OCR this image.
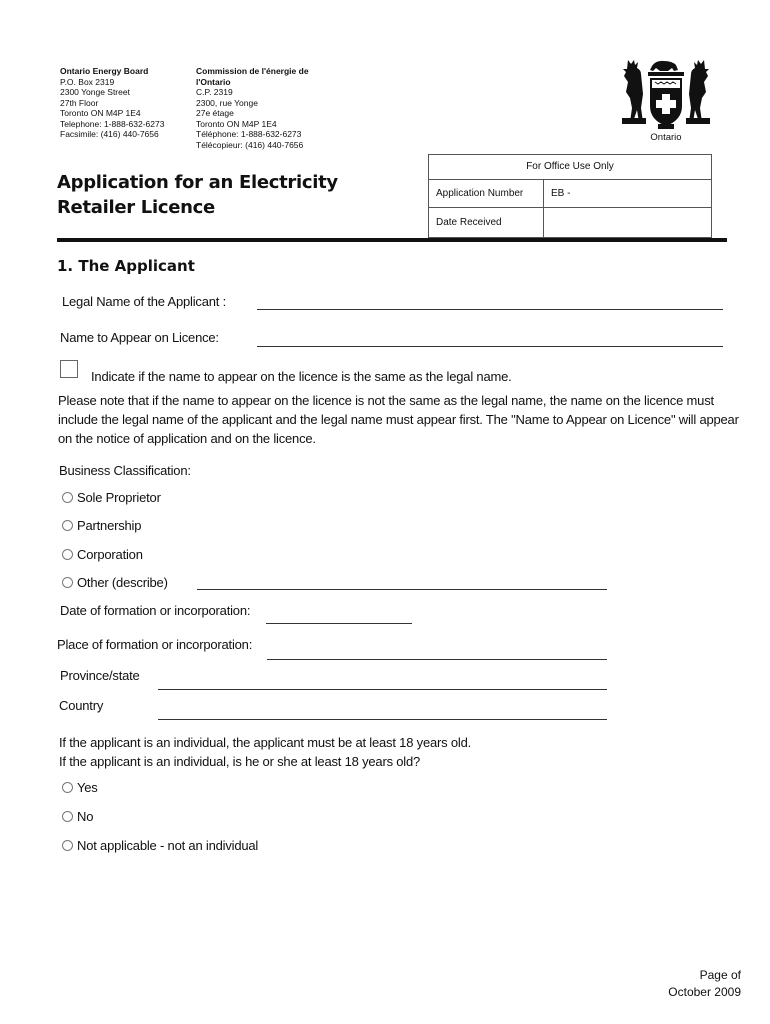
Ontario Energy Board
P.O. Box 2319
2300 Yonge Street
27th Floor
Toronto ON M4P 1E4
Telephone: 1-888-632-6273
Facsimile: (416) 440-7656
Commission de l'énergie de l'Ontario
C.P. 2319
2300, rue Yonge
27e étage
Toronto ON M4P 1E4
Téléphone: 1-888-632-6273
Télécopieur: (416) 440-7656
Ontario
Application for an Electricity Retailer Licence
For Office Use Only
Application Number	EB -
Date Received
1. The Applicant
Legal Name of the Applicant :
Name to Appear on Licence:
Indicate if the name to appear on the licence is the same as the legal name.
Please note that if the name to appear on the licence is not the same as the legal name, the name on the licence must include the legal name of the applicant and the legal name must appear first. The "Name to Appear on Licence" will appear on the notice of application and on the licence.
Business Classification:
Sole Proprietor
Partnership
Corporation
Other (describe)
Date of formation or incorporation:
Place of formation or incorporation:
Province/state
Country
If the applicant is an individual, the applicant must be at least 18 years old.
If the applicant is an individual, is he or she at least 18 years old?
Yes
No
Not applicable - not an individual
Page of
October 2009
